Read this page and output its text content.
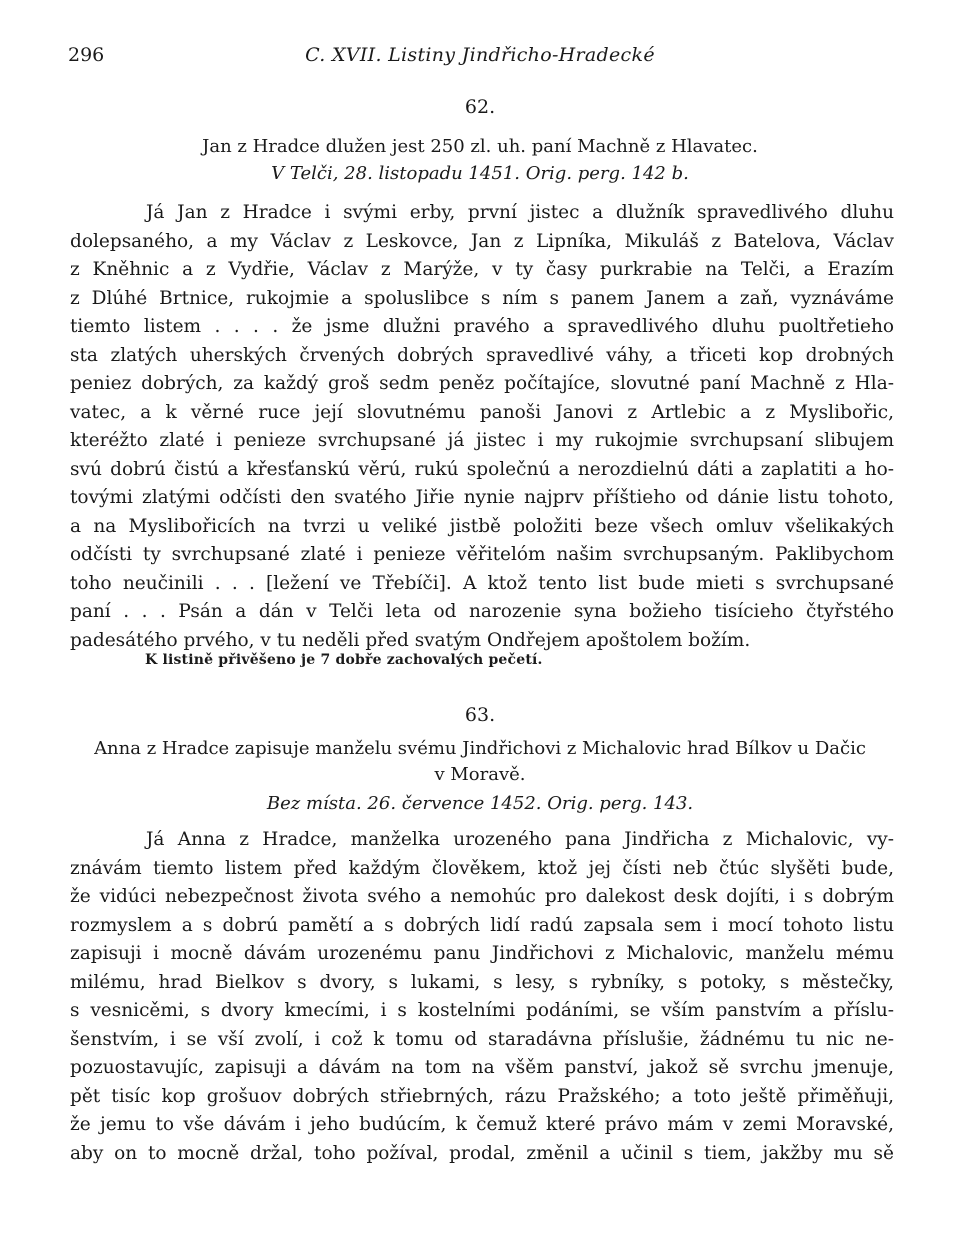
296	C. XVII. Listiny Jindřicho-Hradecké
62.
Jan z Hradce dlužen jest 250 zl. uh. paní Machně z Hlavatec.
V Telči, 28. listopadu 1451. Orig. perg. 142 b.
Já Jan z Hradce i svými erby, první jistec a dlužník spravedlivého dluhu
dolepsaného, a my Václav z Leskovce, Jan z Lipníka, Mikuláš z Batelova, Václav
z Kněhnic a z Vydřie, Václav z Marýže, v ty časy purkrabie na Telči, a Erazím
z Dlúhé Brtnice, rukojmie a spoluslibce s ním s panem Janem a zaň, vyznáváme
tiemto listem . . . . že jsme dlužni pravého a spravedlivého dluhu puoltřetieho
sta zlatých uherských črvených dobrých spravedlivé váhy, a třiceti kop drobných
peniez dobrých, za každý groš sedm peněz počítajíce, slovutné paní Machně z Hla-
vatec, a k věrné ruce její slovutnému panoši Janovi z Artlebic a z Myslibořic,
kteréžto zlaté i penieze svrchupsané já jistec i my rukojmie svrchupsaní slibujem
svú dobrú čistú a křesťanskú věrú, rukú společnú a nerozdielnú dáti a zaplatiti a ho-
tovými zlatými odčísti den svatého Jiřie nynie najprv příštieho od dánie listu tohoto,
a na Myslibořicích na tvrzi u veliké jistbě položiti beze všech omluv všelikakých
odčísti ty svrchupsané zlaté i penieze věřitelóm našim svrchupsaným. Paklibychom
toho neučinili . . . [ležení ve Třebíči]. A ktož tento list bude mieti s svrchupsané
paní . . . Psán a dán v Telči leta od narozenie syna božieho tisícieho čtyřstého
padesátého prvého, v tu neděli před svatým Ondřejem apoštolem božím.
K listině přivěšeno je 7 dobře zachovalých pečetí.
63.
Anna z Hradce zapisuje manželu svému Jindřichovi z Michalovic hrad Bílkov u Dačic
v Moravě.
Bez místa. 26. července 1452. Orig. perg. 143.
Já Anna z Hradce, manželka urozeného pana Jindřicha z Michalovic, vy-
znávám tiemto listem před každým člověkem, ktož jej čísti neb čtúc slyšěti bude,
že vidúci nebezpečnost života svého a nemohúc pro dalekost desk dojíti, i s dobrým
rozmyslem a s dobrú pamětí a s dobrých lidí radú zapsala sem i mocí tohoto listu
zapisuji i mocně dávám urozenému panu Jindřichovi z Michalovic, manželu mému
milému, hrad Bielkov s dvory, s lukami, s lesy, s rybníky, s potoky, s městečky,
s vesnicěmi, s dvory kmecími, i s kostelními podáními, se vším panstvím a příslu-
šenstvím, i se vší zvolí, i což k tomu od staradávna příslušie, žádnému tu nic ne-
pozuostavujíc, zapisuji a dávám na tom na všěm panství, jakož sě svrchu jmenuje,
pět tisíc kop grošuov dobrých střiebrných, rázu Pražského; a toto ještě přiměňuji,
že jemu to vše dávám i jeho budúcím, k čemuž které právo mám v zemi Moravské,
aby on to mocně držal, toho požíval, prodal, změnil a učinil s tiem, jakžby mu sě
